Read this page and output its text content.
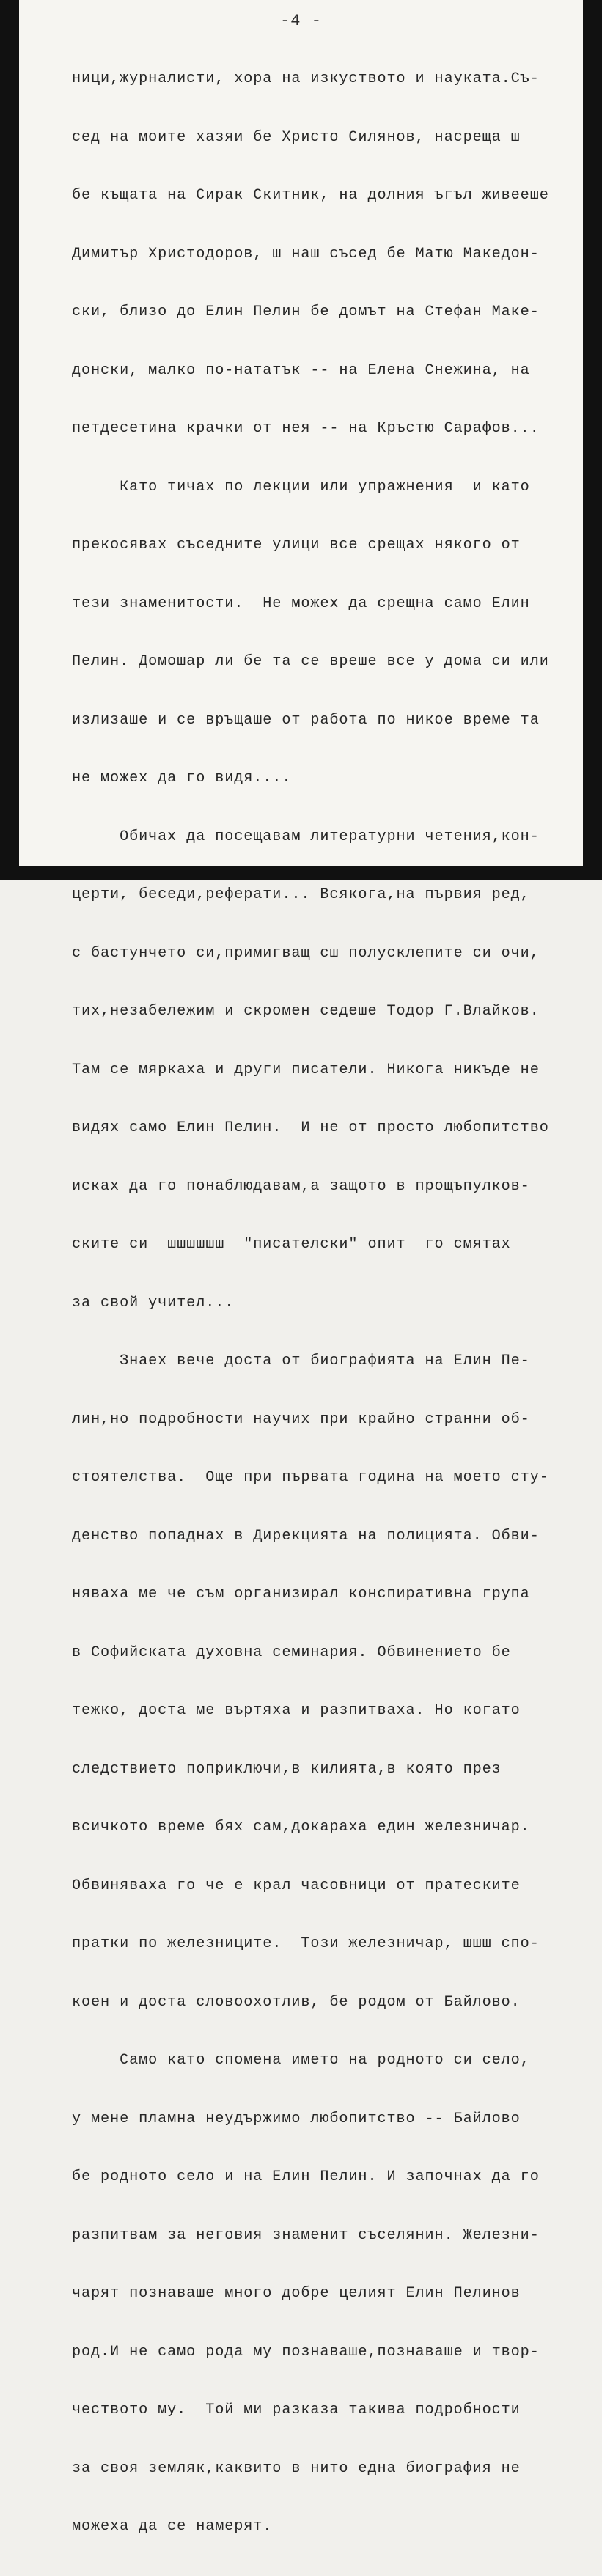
-4 -

ници,журналисти, хора на изкуството и науката.Съ-

сед на моите хазяи бе Христо Силянов, насреща ш

бе къщата на Сирак Скитник, на долния ъгъл живееше

Димитър Христодоров, ш наш съсед бе Матю Македон-

ски, близо до Елин Пелин бе домът на Стефан Маке-

донски, малко по-нататък -- на Елена Снежина, на

петдесетина крачки от нея -- на Кръстю Сарафов...

Като тичах по лекции или упражнения  и като

прекосявах съседните улици все срещах някого от

тези знаменитости.  Не можех да срещна само Елин

Пелин. Домошар ли бе та се вреше все у дома си или

излизаше и се връщаше от работа по никое време та

не можех да го видя....

Обичах да посещавам литературни четения,кон-

церти, беседи,реферати... Всякога,на първия ред,

с бастунчето си,примигващ сш полусклепите си очи,

тих,незабележим и скромен седеше Тодор Г.Влайков.

Там се мяркаха и други писатели. Никога никъде не

видях само Елин Пелин.  И не от просто любопитство

исках да го понаблюдавам,а защото в прощъпулков-

ските си  шшшшшш  "писателски" опит  го смятах

за свой учител...

Знаех вече доста от биографията на Елин Пе-

лин,но подробности научих при крайно странни об-

стоятелства.  Още при първата година на моето сту-

денство попаднах в Дирекцията на полицията. Обви-

няваха ме че съм организирал конспиративна група

в Софийската духовна семинария. Обвинението бе

тежко, доста ме въртяха и разпитваха. Но когато

следствието поприключи,в килията,в която през

всичкото време бях сам,докараха един железничар.

Обвиняваха го че е крал часовници от пратеските

пратки по железниците.  Този железничар, шшш спо-

коен и доста словоохотлив, бе родом от Байлово.

Само като спомена името на родното си село,

у мене пламна неудържимо любопитство -- Байлово

бе родното село и на Елин Пелин. И започнах да го

разпитвам за неговия знаменит съселянин. Железни-

чарят познаваше много добре целият Елин Пелинов

род.И не само рода му познаваше,познаваше и твор-

чеството му.  Той ми разказа такива подробности

за своя земляк,каквито в нито една биография не

можеха да се намерят.
